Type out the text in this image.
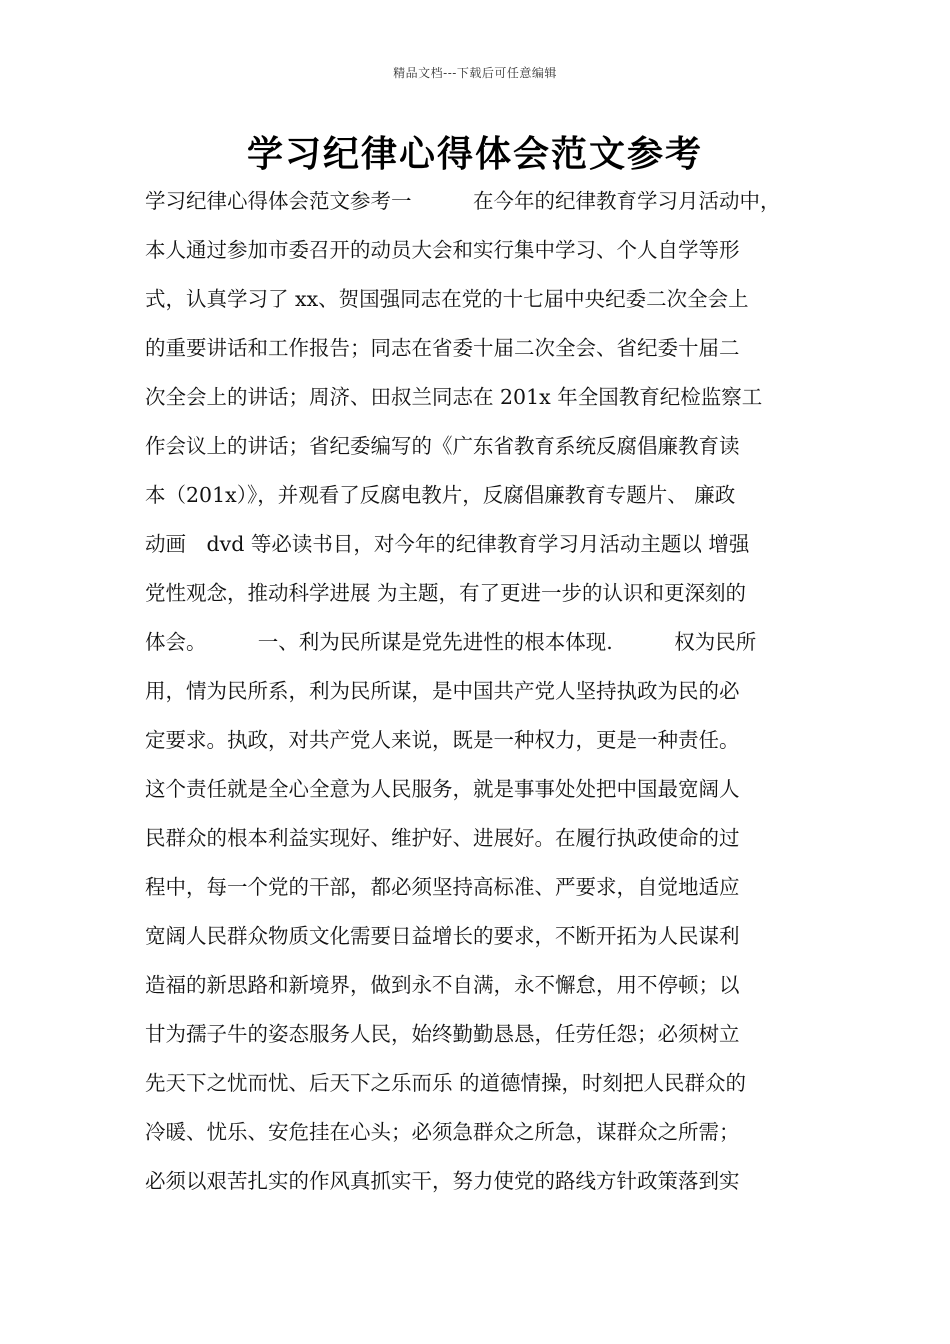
精品文档---下载后可任意编辑
学习纪律心得体会范文参考
学习纪律心得体会范文参考一　　　在今年的纪律教育学习月活动中，
本人通过参加市委召开的动员大会和实行集中学习、个人自学等形
式，认真学习了 xx、贺国强同志在党的十七届中央纪委二次全会上
的重要讲话和工作报告；同志在省委十届二次全会、省纪委十届二
次全会上的讲话；周济、田叔兰同志在 201x 年全国教育纪检监察工
作会议上的讲话；省纪委编写的《广东省教育系统反腐倡廉教育读
本（201x）》，并观看了反腐电教片，反腐倡廉教育专题片、 廉政
动画　dvd 等必读书目，对今年的纪律教育学习月活动主题以 增强
党性观念，推动科学进展 为主题，有了更进一步的认识和更深刻的
体会。　　　一、利为民所谋是党先进性的根本体现.　　　权为民所
用，情为民所系，利为民所谋，是中国共产党人坚持执政为民的必
定要求。执政，对共产党人来说，既是一种权力，更是一种责任。
这个责任就是全心全意为人民服务，就是事事处处把中国最宽阔人
民群众的根本利益实现好、维护好、进展好。在履行执政使命的过
程中，每一个党的干部，都必须坚持高标准、严要求，自觉地适应
宽阔人民群众物质文化需要日益增长的要求，不断开拓为人民谋利
造福的新思路和新境界，做到永不自满，永不懈怠，用不停顿；以
甘为孺子牛的姿态服务人民，始终勤勤恳恳，任劳任怨；必须树立
先天下之忧而忧、后天下之乐而乐 的道德情操，时刻把人民群众的
冷暖、忧乐、安危挂在心头；必须急群众之所急，谋群众之所需；
必须以艰苦扎实的作风真抓实干，努力使党的路线方针政策落到实
